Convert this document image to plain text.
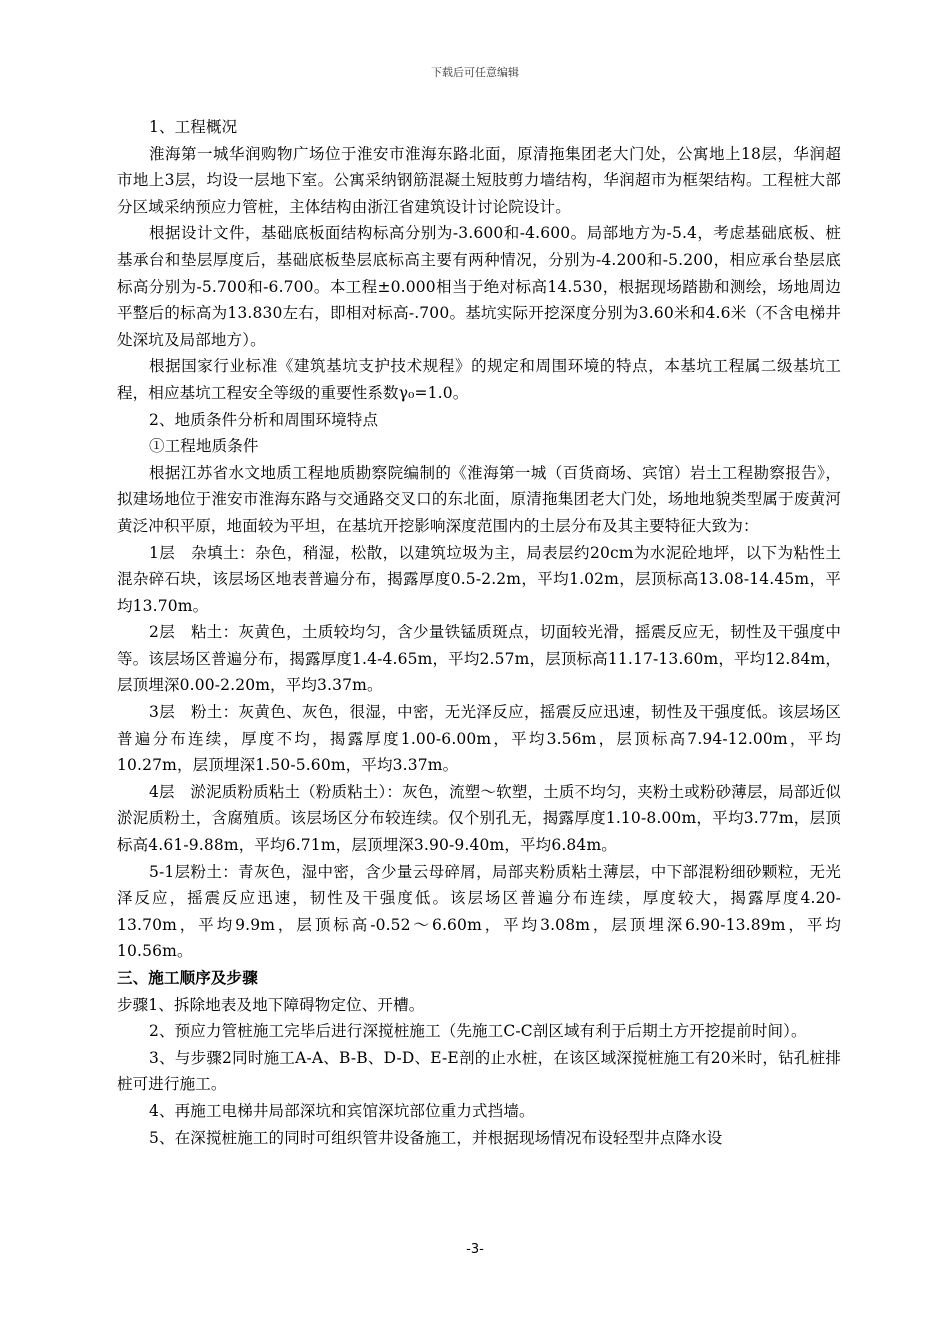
下载后可任意编辑

1、工程概况

淮海第一城华润购物广场位于淮安市淮海东路北面，原清拖集团老大门处，公寓地上18层，华润超市地上3层，均设一层地下室。公寓采纳钢筋混凝土短肢剪力墙结构，华润超市为框架结构。工程桩大部分区域采纳预应力管桩，主体结构由浙江省建筑设计讨论院设计。

根据设计文件，基础底板面结构标高分别为-3.600和-4.600。局部地方为-5.4，考虑基础底板、桩基承台和垫层厚度后，基础底板垫层底标高主要有两种情况，分别为-4.200和-5.200，相应承台垫层底标高分别为-5.700和-6.700。本工程±0.000相当于绝对标高14.530，根据现场踏勘和测绘，场地周边平整后的标高为13.830左右，即相对标高-.700。基坑实际开挖深度分别为3.60米和4.6米（不含电梯井处深坑及局部地方）。

根据国家行业标准《建筑基坑支护技术规程》的规定和周围环境的特点，本基坑工程属二级基坑工程，相应基坑工程安全等级的重要性系数γ₀=1.0。

2、地质条件分析和周围环境特点

①工程地质条件

根据江苏省水文地质工程地质勘察院编制的《淮海第一城（百货商场、宾馆）岩土工程勘察报告》，拟建场地位于淮安市淮海东路与交通路交叉口的东北面，原清拖集团老大门处，场地地貌类型属于废黄河黄泛冲积平原，地面较为平坦，在基坑开挖影响深度范围内的土层分布及其主要特征大致为：

1层　杂填土：杂色，稍湿，松散，以建筑垃圾为主，局表层约20cm为水泥砼地坪，以下为粘性土混杂碎石块，该层场区地表普遍分布，揭露厚度0.5-2.2m，平均1.02m，层顶标高13.08-14.45m，平均13.70m。

2层　粘土：灰黄色，土质较均匀，含少量铁锰质斑点，切面较光滑，摇震反应无，韧性及干强度中等。该层场区普遍分布，揭露厚度1.4-4.65m，平均2.57m，层顶标高11.17-13.60m，平均12.84m，层顶埋深0.00-2.20m，平均3.37m。

3层　粉土：灰黄色、灰色，很湿，中密，无光泽反应，摇震反应迅速，韧性及干强度低。该层场区普遍分布连续，厚度不均，揭露厚度1.00-6.00m，平均3.56m，层顶标高7.94-12.00m，平均10.27m，层顶埋深1.50-5.60m，平均3.37m。

4层　淤泥质粉质粘土（粉质粘土）：灰色，流塑～软塑，土质不均匀，夹粉土或粉砂薄层，局部近似淤泥质粉土，含腐殖质。该层场区分布较连续。仅个别孔无，揭露厚度1.10-8.00m，平均3.77m，层顶标高4.61-9.88m，平均6.71m，层顶埋深3.90-9.40m，平均6.84m。

5-1层粉土：青灰色，湿中密，含少量云母碎屑，局部夹粉质粘土薄层，中下部混粉细砂颗粒，无光泽反应，摇震反应迅速，韧性及干强度低。该层场区普遍分布连续，厚度较大，揭露厚度4.20-13.70m，平均9.9m，层顶标高-0.52～6.60m，平均3.08m，层顶埋深6.90-13.89m，平均10.56m。

三、施工顺序及步骤

步骤1、拆除地表及地下障碍物定位、开槽。

2、预应力管桩施工完毕后进行深搅桩施工（先施工C-C剖区域有利于后期土方开挖提前时间）。

3、与步骤2同时施工A-A、B-B、D-D、E-E剖的止水桩，在该区域深搅桩施工有20米时，钻孔桩排桩可进行施工。

4、再施工电梯井局部深坑和宾馆深坑部位重力式挡墙。

5、在深搅桩施工的同时可组织管井设备施工，并根据现场情况布设轻型井点降水设

-3-
